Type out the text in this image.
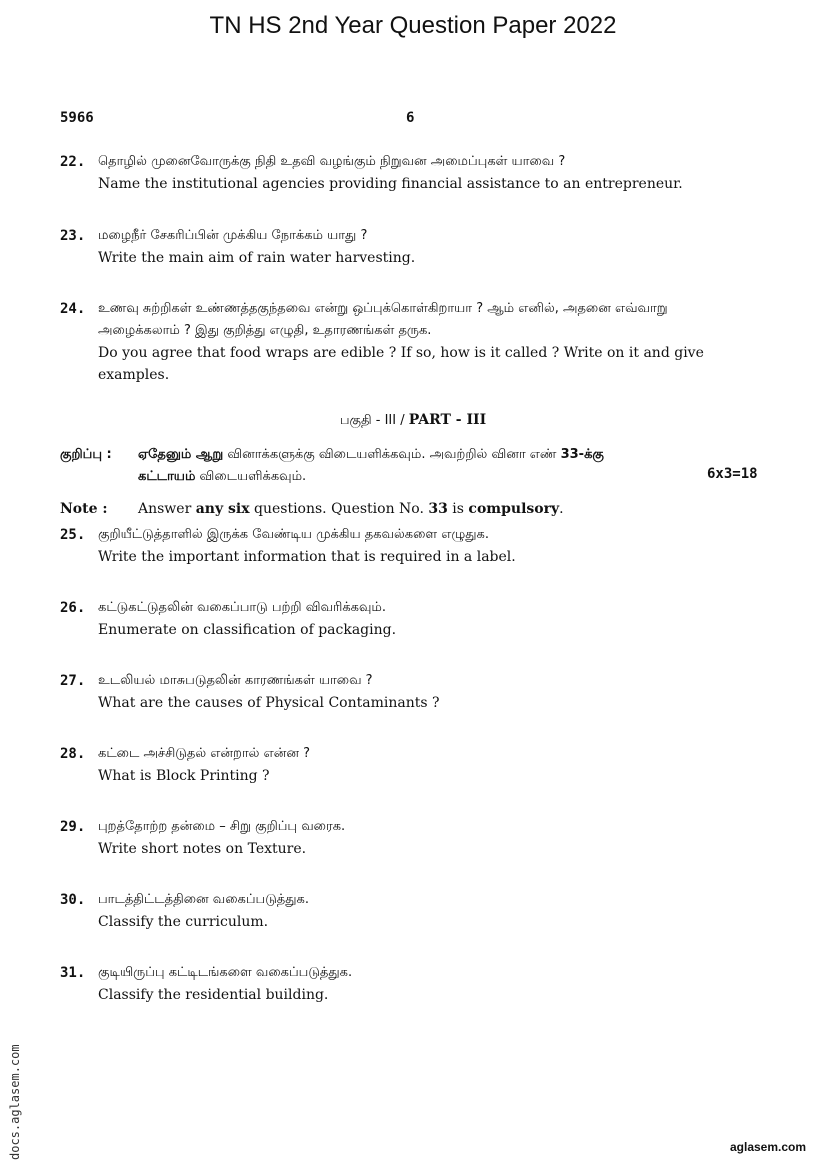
TN HS 2nd Year Question Paper 2022
5966	6
22. தொழில் முனைவோருக்கு நிதி உதவி வழங்கும் நிறுவன அமைப்புகள் யாவை ?
Name the institutional agencies providing financial assistance to an entrepreneur.
23. மழைநீர் சேகரிப்பின் முக்கிய நோக்கம் யாது ?
Write the main aim of rain water harvesting.
24. உணவு சுற்றிகள் உண்ணத்தகுந்தவை என்று ஒப்புக்கொள்கிறாயா ? ஆம் எனில், அதனை எவ்வாறு அழைக்கலாம் ? இது குறித்து எழுதி, உதாரணங்கள் தருக.
Do you agree that food wraps are edible ? If so, how is it called ? Write on it and give examples.
பகுதி - III / PART - III
குறிப்பு : ஏதேனும் ஆறு வினாக்களுக்கு விடையளிக்கவும். அவற்றில் வினா எண் 33-க்கு
கட்டாயம் விடையளிக்கவும்.	6x3=18
Note : Answer any six questions. Question No. 33 is compulsory.
25. குறியீட்டுத்தாளில் இருக்க வேண்டிய முக்கிய தகவல்களை எழுதுக.
Write the important information that is required in a label.
26. கட்டுகட்டுதலின் வகைப்பாடு பற்றி விவரிக்கவும்.
Enumerate on classification of packaging.
27. உடலியல் மாசுபடுதலின் காரணங்கள் யாவை ?
What are the causes of Physical Contaminants ?
28. கட்டை அச்சிடுதல் என்றால் என்ன ?
What is Block Printing ?
29. புறத்தோற்ற தன்மை – சிறு குறிப்பு வரைக.
Write short notes on Texture.
30. பாடத்திட்டத்தினை வகைப்படுத்துக.
Classify the curriculum.
31. குடியிருப்பு கட்டிடங்களை வகைப்படுத்துக.
Classify the residential building.
docs.aglasem.com	aglasem.com
